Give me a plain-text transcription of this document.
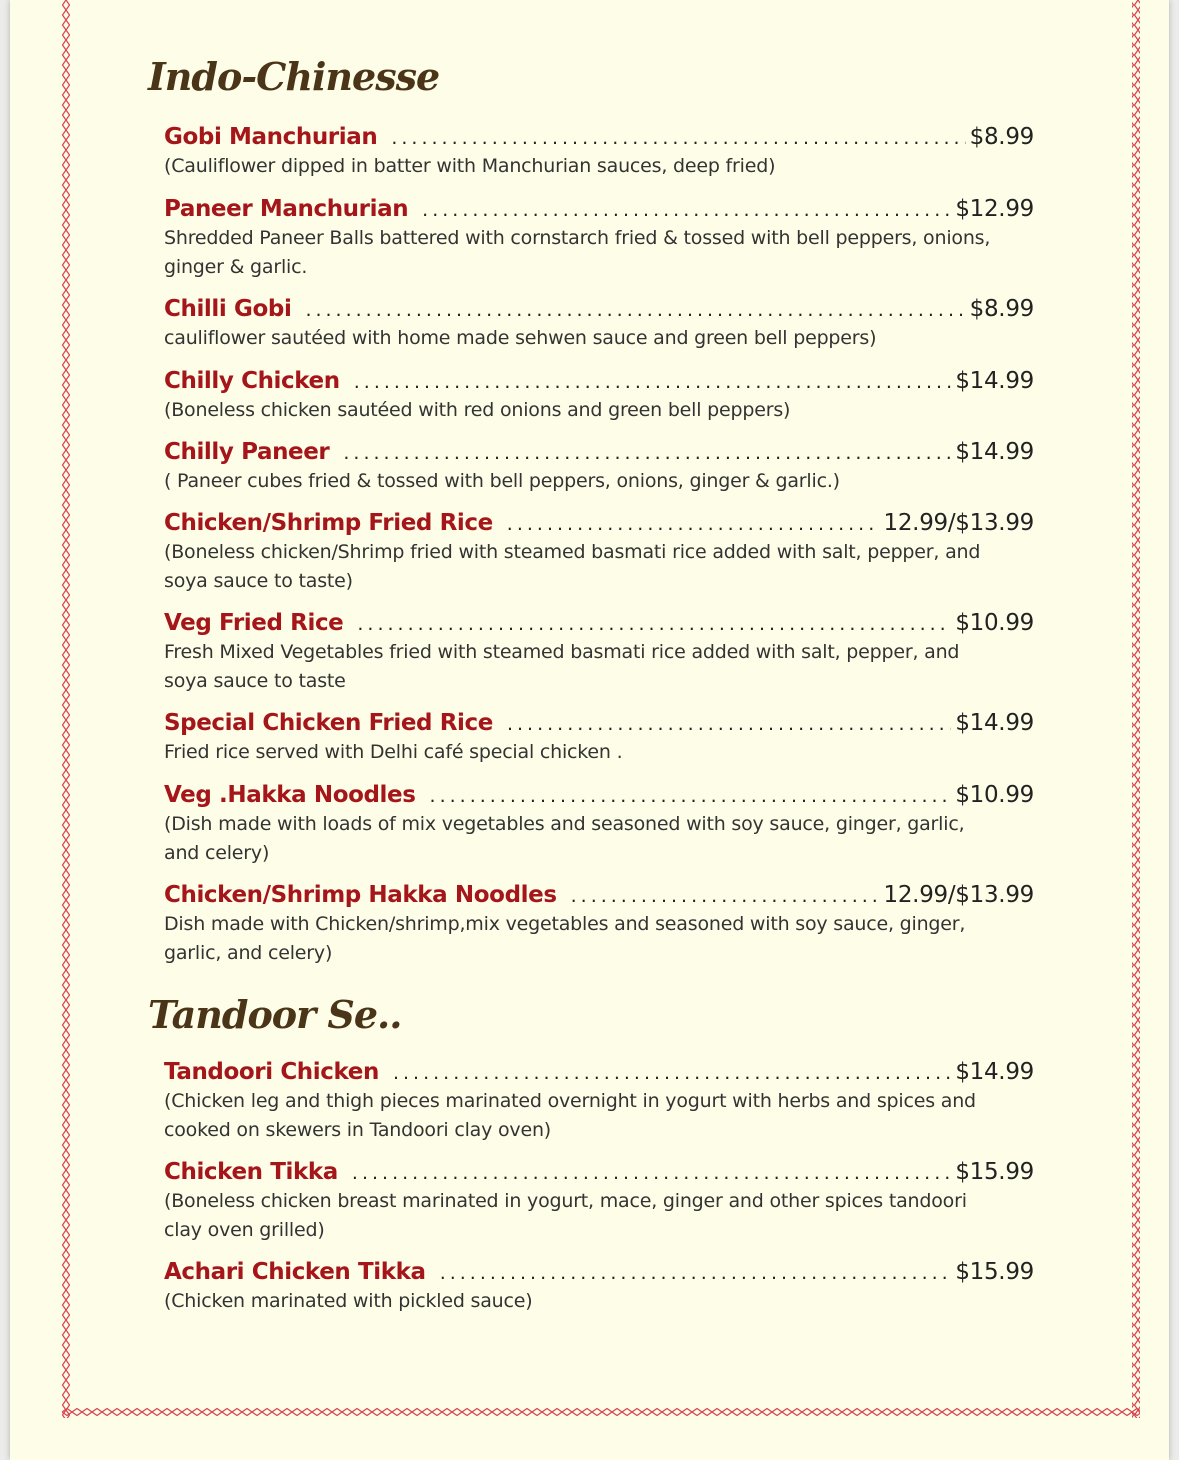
Indo-Chinesse
Gobi Manchurian .....	$8.99
(Cauliflower dipped in batter with Manchurian sauces, deep fried)
Paneer Manchurian .....	$12.99
Shredded Paneer Balls battered with cornstarch fried & tossed with bell peppers, onions, ginger & garlic.
Chilli Gobi .....	$8.99
cauliflower sautéed with home made sehwen sauce and green bell peppers)
Chilly Chicken .....	$14.99
(Boneless chicken sautéed with red onions and green bell peppers)
Chilly Paneer .....	$14.99
( Paneer cubes fried & tossed with bell peppers, onions, ginger & garlic.)
Chicken/Shrimp Fried Rice .....	12.99/$13.99
(Boneless chicken/Shrimp fried with steamed basmati rice added with salt, pepper, and soya sauce to taste)
Veg Fried Rice .....	$10.99
Fresh Mixed Vegetables fried with steamed basmati rice added with salt, pepper, and soya sauce to taste
Special Chicken Fried Rice .....	$14.99
Fried rice served with Delhi café special chicken .
Veg .Hakka Noodles .....	$10.99
(Dish made with loads of mix vegetables and seasoned with soy sauce, ginger, garlic, and celery)
Chicken/Shrimp Hakka Noodles .....	12.99/$13.99
Dish made with Chicken/shrimp,mix vegetables and seasoned with soy sauce, ginger, garlic, and celery)
Tandoor Se..
Tandoori Chicken .....	$14.99
(Chicken leg and thigh pieces marinated overnight in yogurt with herbs and spices and cooked on skewers in Tandoori clay oven)
Chicken Tikka .....	$15.99
(Boneless chicken breast marinated in yogurt, mace, ginger and other spices tandoori clay oven grilled)
Achari Chicken Tikka .....	$15.99
(Chicken marinated with pickled sauce)
